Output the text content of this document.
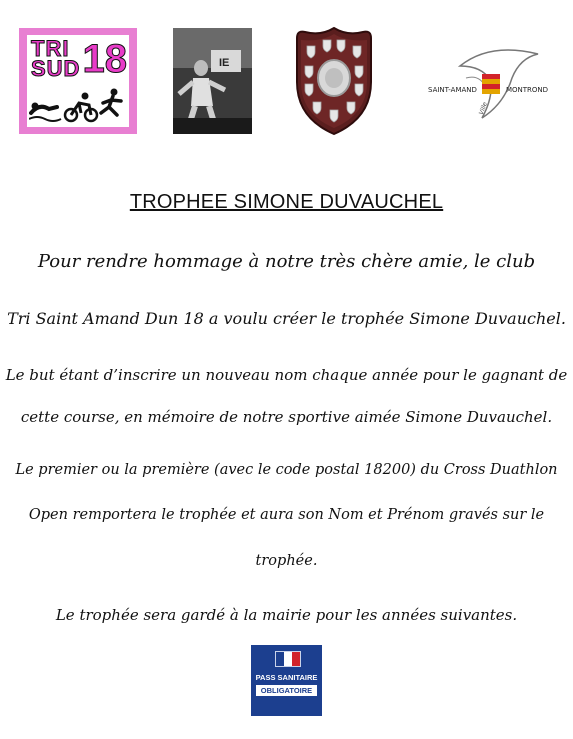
TRI
SUD 18	IE
SAINT-AMAND	MONTROND
Ville
TROPHEE SIMONE DUVAUCHEL
Pour rendre hommage à notre très chère amie, le club
Tri Saint Amand Dun 18 a voulu créer le trophée Simone Duvauchel.
Le but étant d’inscrire un nouveau nom chaque année pour le gagnant de
cette course, en mémoire de notre sportive aimée Simone Duvauchel.
Le premier ou la première (avec le code postal 18200) du Cross Duathlon
Open remportera le trophée et aura son Nom et Prénom gravés sur le
trophée.
Le trophée sera gardé à la mairie pour les années suivantes.
PASS SANITAIRE
OBLIGATOIRE
